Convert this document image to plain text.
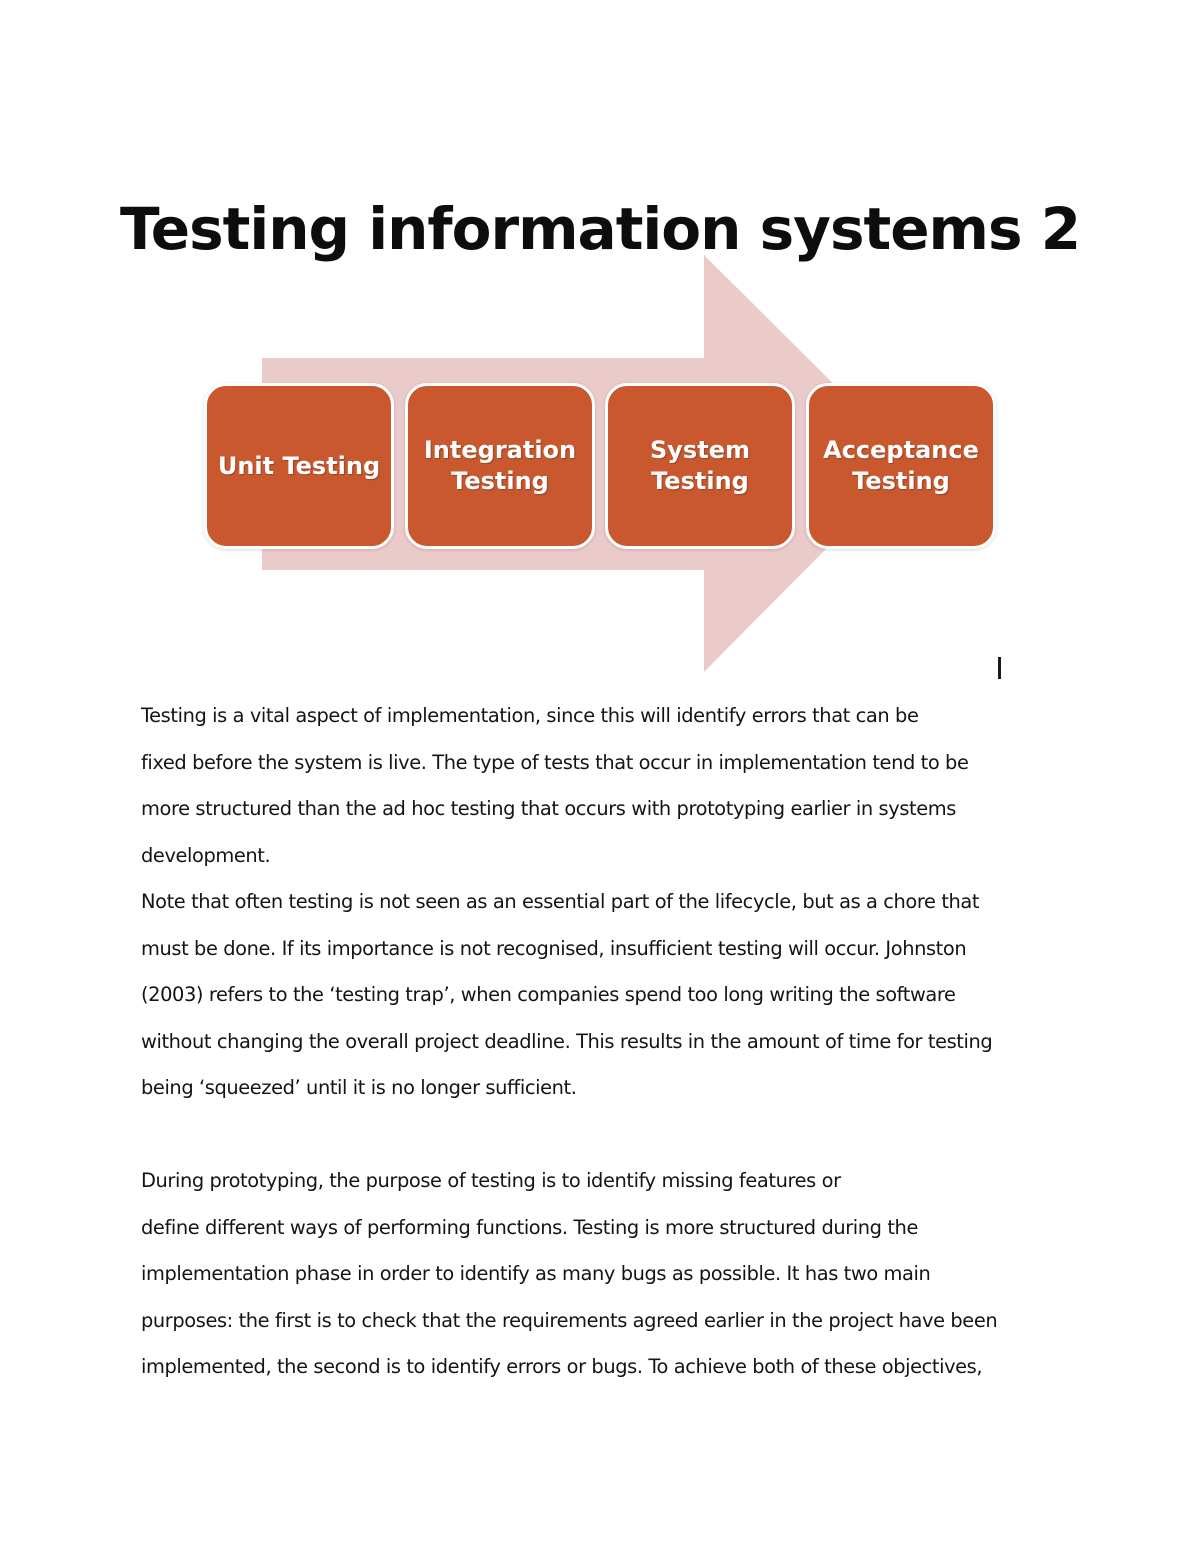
Testing information systems 2
Unit Testing
Integration
Testing
System
Testing
Acceptance
Testing
Testing is a vital aspect of implementation, since this will identify errors that can be
fixed before the system is live. The type of tests that occur in implementation tend to be
more structured than the ad hoc testing that occurs with prototyping earlier in systems
development.
Note that often testing is not seen as an essential part of the lifecycle, but as a chore that
must be done. If its importance is not recognised, insufficient testing will occur. Johnston
(2003) refers to the ‘testing trap’, when companies spend too long writing the software
without changing the overall project deadline. This results in the amount of time for testing
being ‘squeezed’ until it is no longer sufficient.
During prototyping, the purpose of testing is to identify missing features or
define different ways of performing functions. Testing is more structured during the
implementation phase in order to identify as many bugs as possible. It has two main
purposes: the first is to check that the requirements agreed earlier in the project have been
implemented, the second is to identify errors or bugs. To achieve both of these objectives,
